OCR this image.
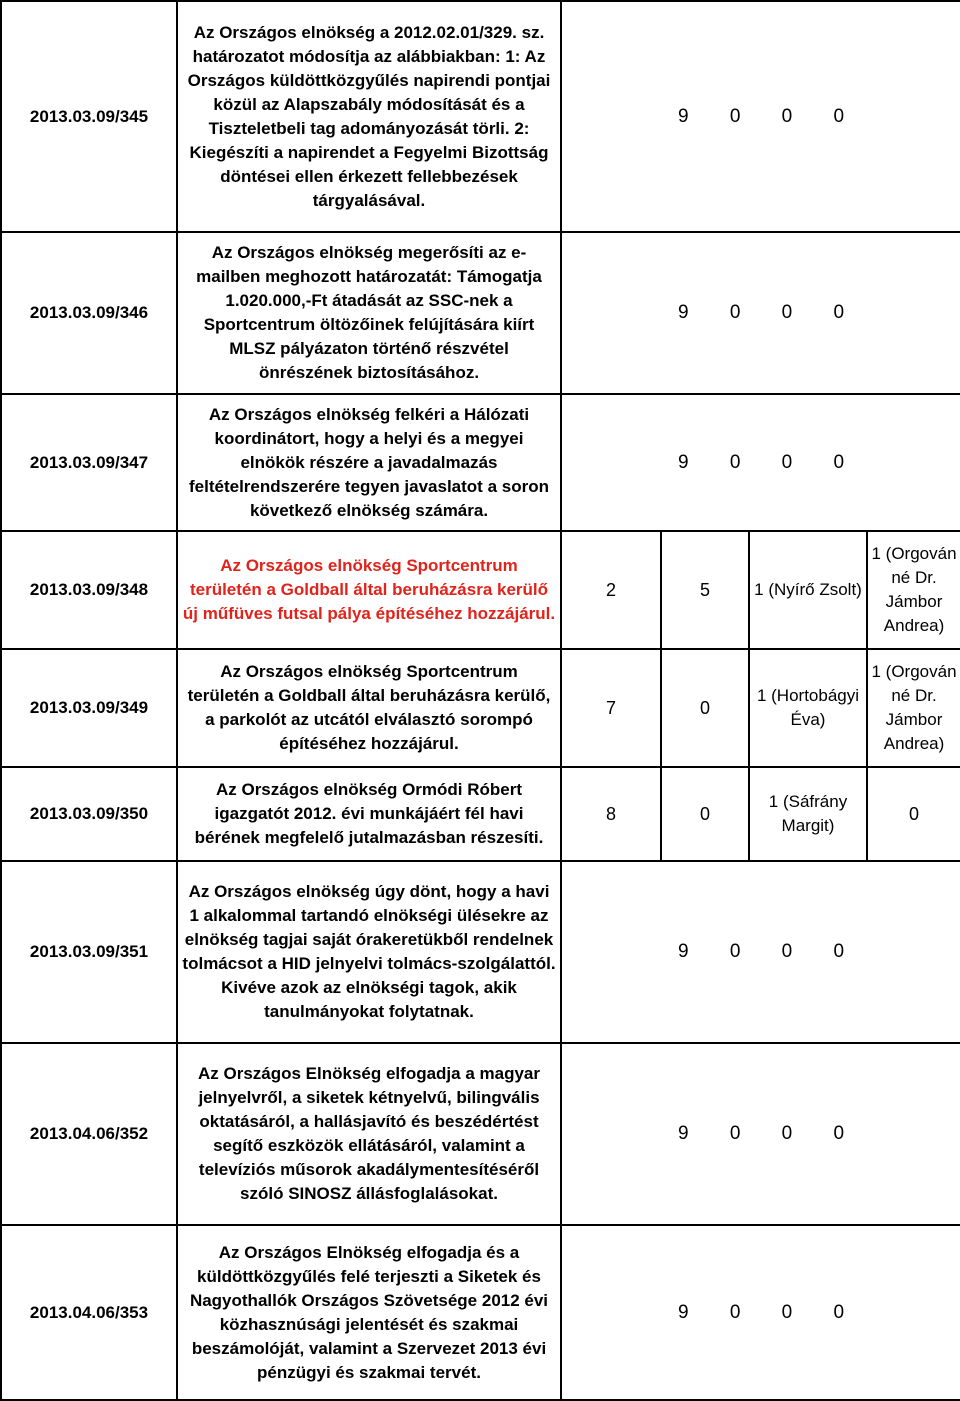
2013.03.09/345	Az Országos elnökség a 2012.02.01/329. sz. határozatot módosítja az alábbiakban: 1: Az Országos küldöttközgyűlés napirendi pontjai közül az Alapszabály módosítását és a Tiszteletbeli tag adományozását törli. 2: Kiegészíti a napirendet a Fegyelmi Bizottság döntései ellen érkezett fellebbezések tárgyalásával.	9 0 0 0			
2013.03.09/346	Az Országos elnökség megerősíti az e-mailben meghozott határozatát: Támogatja 1.020.000,-Ft átadását az SSC-nek a Sportcentrum öltözőinek felújítására kiírt MLSZ pályázaton történő részvétel önrészének biztosításához.	9 0 0 0			
2013.03.09/347	Az Országos elnökség felkéri a Hálózati koordinátort, hogy a helyi és a megyei elnökök részére a javadalmazás feltételrendszerére tegyen javaslatot a soron következő elnökség számára.	9 0 0 0			
2013.03.09/348	Az Országos elnökség Sportcentrum területén a Goldball által beruházásra kerülő új műfüves futsal pálya építéséhez hozzájárul.	2	5	1 (Nyírő Zsolt)	1 (Orgován né Dr. Jámbor Andrea)
2013.03.09/349	Az Országos elnökség Sportcentrum területén a Goldball által beruházásra kerülő, a parkolót az utcától elválasztó sorompó építéséhez hozzájárul.	7	0	1 (Hortobágyi Éva)	1 (Orgován né Dr. Jámbor Andrea)
2013.03.09/350	Az Országos elnökség Ormódi Róbert igazgatót 2012. évi munkájáért fél havi bérének megfelelő jutalmazásban részesíti.	8	0	1 (Sáfrány Margit)	0
2013.03.09/351	Az Országos elnökség úgy dönt, hogy a havi 1 alkalommal tartandó elnökségi ülésekre az elnökség tagjai saját órakeretükből rendelnek tolmácsot a HID jelnyelvi tolmács-szolgálattól. Kivéve azok az elnökségi tagok, akik tanulmányokat folytatnak.	9 0 0 0			
2013.04.06/352	Az Országos Elnökség elfogadja a magyar jelnyelvről, a siketek kétnyelvű, bilingvális oktatásáról, a hallásjavító és beszédértést segítő eszközök ellátásáról, valamint a televíziós műsorok akadálymentesítéséről szóló SINOSZ állásfoglalásokat.	9 0 0 0			
2013.04.06/353	Az Országos Elnökség elfogadja és a küldöttközgyűlés felé terjeszti a Siketek és Nagyothallók Országos Szövetsége 2012 évi közhasznúsági jelentését és szakmai beszámolóját, valamint a Szervezet 2013 évi pénzügyi és szakmai tervét.	9 0 0 0			
